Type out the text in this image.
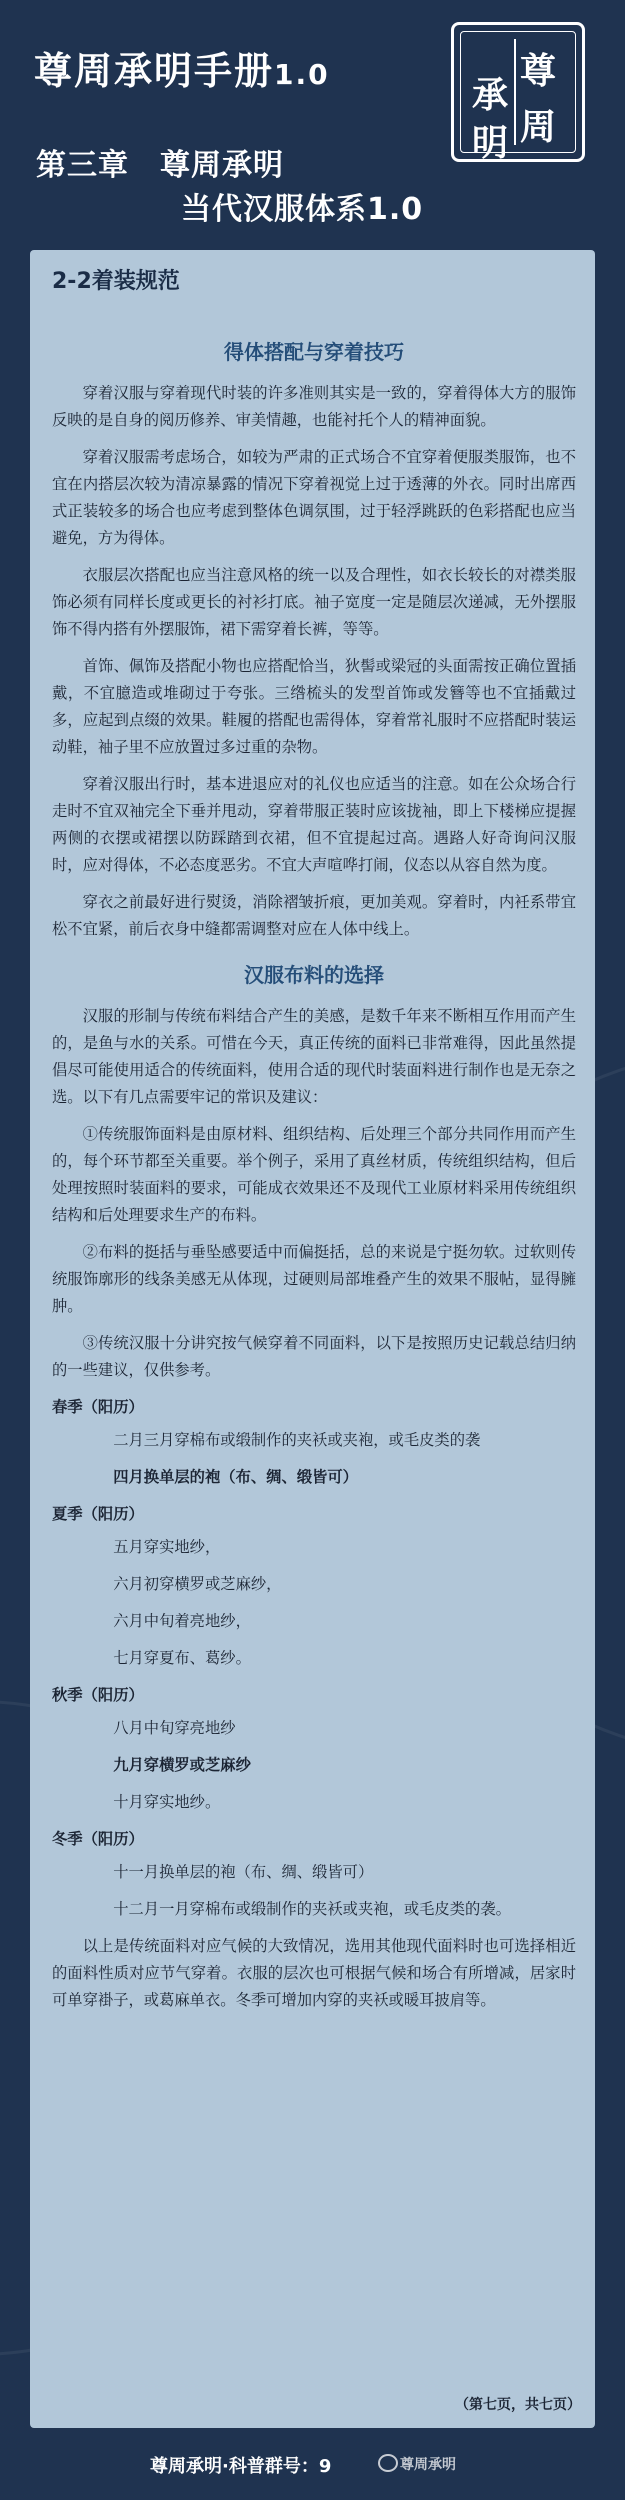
尊周承明手册1.0
第三章　尊周承明
当代汉服体系1.0
尊
周
承
明
2-2着装规范
得体搭配与穿着技巧

穿着汉服与穿着现代时装的许多准则其实是一致的，穿着得体大方的服饰反映的是自身的阅历修养、审美情趣，也能衬托个人的精神面貌。

穿着汉服需考虑场合，如较为严肃的正式场合不宜穿着便服类服饰，也不宜在内搭层次较为清凉暴露的情况下穿着视觉上过于透薄的外衣。同时出席西式正装较多的场合也应考虑到整体色调氛围，过于轻浮跳跃的色彩搭配也应当避免，方为得体。

衣服层次搭配也应当注意风格的统一以及合理性，如衣长较长的对襟类服饰必须有同样长度或更长的衬衫打底。袖子宽度一定是随层次递减，无外摆服饰不得内搭有外摆服饰，裙下需穿着长裤，等等。

首饰、佩饰及搭配小物也应搭配恰当，狄髻或梁冠的头面需按正确位置插戴，不宜臆造或堆砌过于夸张。三绺梳头的发型首饰或发簪等也不宜插戴过多，应起到点缀的效果。鞋履的搭配也需得体，穿着常礼服时不应搭配时装运动鞋，袖子里不应放置过多过重的杂物。

穿着汉服出行时，基本进退应对的礼仪也应适当的注意。如在公众场合行走时不宜双袖完全下垂并甩动，穿着带服正装时应该拢袖，即上下楼梯应提握两侧的衣摆或裙摆以防踩踏到衣裙，但不宜提起过高。遇路人好奇询问汉服时，应对得体，不必态度恶劣。不宜大声喧哗打闹，仪态以从容自然为度。

穿衣之前最好进行熨烫，消除褶皱折痕，更加美观。穿着时，内衽系带宜松不宜紧，前后衣身中缝都需调整对应在人体中线上。

汉服布料的选择

汉服的形制与传统布料结合产生的美感，是数千年来不断相互作用而产生的，是鱼与水的关系。可惜在今天，真正传统的面料已非常难得，因此虽然提倡尽可能使用适合的传统面料，使用合适的现代时装面料进行制作也是无奈之选。以下有几点需要牢记的常识及建议：

①传统服饰面料是由原材料、组织结构、后处理三个部分共同作用而产生的，每个环节都至关重要。举个例子，采用了真丝材质，传统组织结构，但后处理按照时装面料的要求，可能成衣效果还不及现代工业原材料采用传统组织结构和后处理要求生产的布料。

②布料的挺括与垂坠感要适中而偏挺括，总的来说是宁挺勿软。过软则传统服饰廓形的线条美感无从体现，过硬则局部堆叠产生的效果不服帖，显得臃肿。

③传统汉服十分讲究按气候穿着不同面料，以下是按照历史记载总结归纳的一些建议，仅供参考。

春季（阳历）

二月三月穿棉布或缎制作的夹袄或夹袍，或毛皮类的袭

四月换单层的袍（布、绸、缎皆可）

夏季（阳历）

五月穿实地纱，

六月初穿横罗或芝麻纱，

六月中旬着亮地纱，

七月穿夏布、葛纱。

秋季（阳历）

八月中旬穿亮地纱

九月穿横罗或芝麻纱

十月穿实地纱。

冬季（阳历）

十一月换单层的袍（布、绸、缎皆可）

十二月一月穿棉布或缎制作的夹袄或夹袍，或毛皮类的袭。

以上是传统面料对应气候的大致情况，选用其他现代面料时也可选择相近的面料性质对应节气穿着。衣服的层次也可根据气候和场合有所增减，居家时可单穿褂子，或葛麻单衣。冬季可增加内穿的夹袄或暖耳披肩等。

（第七页，共七页）
尊周承明·科普群号：9	尊周承明
